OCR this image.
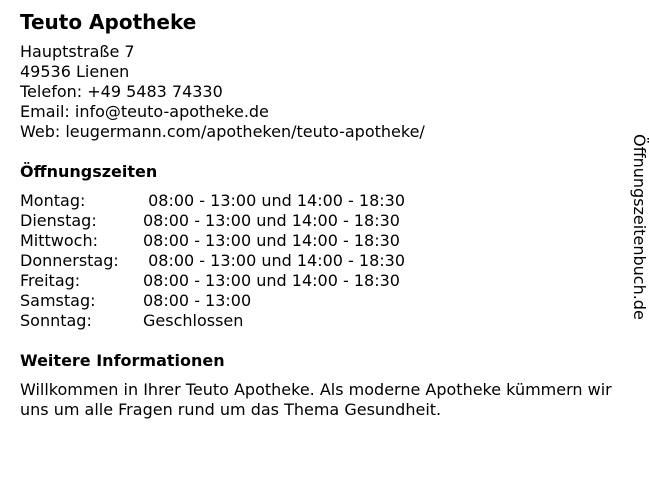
Teuto Apotheke
Hauptstraße 7
49536 Lienen
Telefon: +49 5483 74330
Email: info@teuto-apotheke.de
Web: leugermann.com/apotheken/teuto-apotheke/
Öffnungszeiten
Montag:	08:00 - 13:00 und 14:00 - 18:30
Dienstag:	08:00 - 13:00 und 14:00 - 18:30
Mittwoch:	08:00 - 13:00 und 14:00 - 18:30
Donnerstag:	08:00 - 13:00 und 14:00 - 18:30
Freitag:	08:00 - 13:00 und 14:00 - 18:30
Samstag:	08:00 - 13:00
Sonntag:	Geschlossen
Weitere Informationen
Willkommen in Ihrer Teuto Apotheke. Als moderne Apotheke kümmern wir uns um alle Fragen rund um das Thema Gesundheit.
Öffnungszeitenbuch.de
